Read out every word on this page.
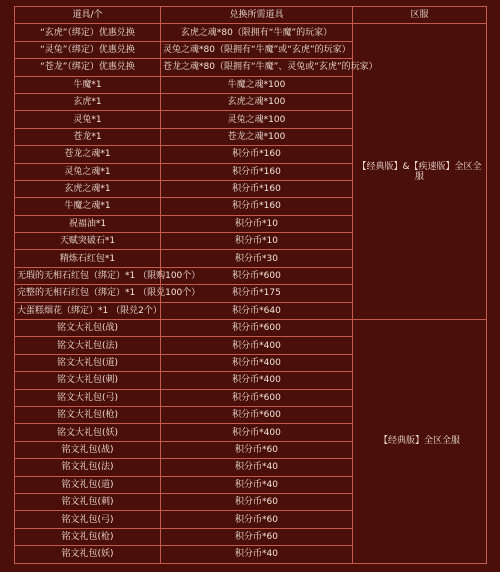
道具/个	兑换所需道具	区服
“玄虎”（绑定）优惠兑换	玄虎之魂*80（限拥有“牛魔”的玩家）	【经典版】&【疾速版】全区全服
“灵兔”（绑定）优惠兑换	灵兔之魂*80（限拥有“牛魔”或“玄虎”的玩家）	
“苍龙”（绑定）优惠兑换	苍龙之魂*80（限拥有“牛魔”、灵兔或“玄虎”的玩家）	
牛魔*1	牛魔之魂*100	
玄虎*1	玄虎之魂*100	
灵兔*1	灵兔之魂*100	
苍龙*1	苍龙之魂*100	
苍龙之魂*1	积分币*160	
灵兔之魂*1	积分币*160	
玄虎之魂*1	积分币*160	
牛魔之魂*1	积分币*160	
祝福油*1	积分币*10	
天赋突破石*1	积分币*10	
精炼石红包*1	积分币*30	
无瑕的无相石红包（绑定）*1 （限购100个）	积分币*600	
完整的无相石红包（绑定）*1 （限兑100个）	积分币*175	
大蛋糕烟花（绑定）*1 （限兑2个）	积分币*640	
铭文大礼包(战)	积分币*600	【经典版】全区全服
铭文大礼包(法)	积分币*400	
铭文大礼包(道)	积分币*400	
铭文大礼包(刺)	积分币*400	
铭文大礼包(弓)	积分币*600	
铭文大礼包(枪)	积分币*600	
铭文大礼包(妖)	积分币*400	
铭文礼包(战)	积分币*60	
铭文礼包(法)	积分币*40	
铭文礼包(道)	积分币*40	
铭文礼包(刺)	积分币*60	
铭文礼包(弓)	积分币*60	
铭文礼包(枪)	积分币*60	
铭文礼包(妖)	积分币*40	
